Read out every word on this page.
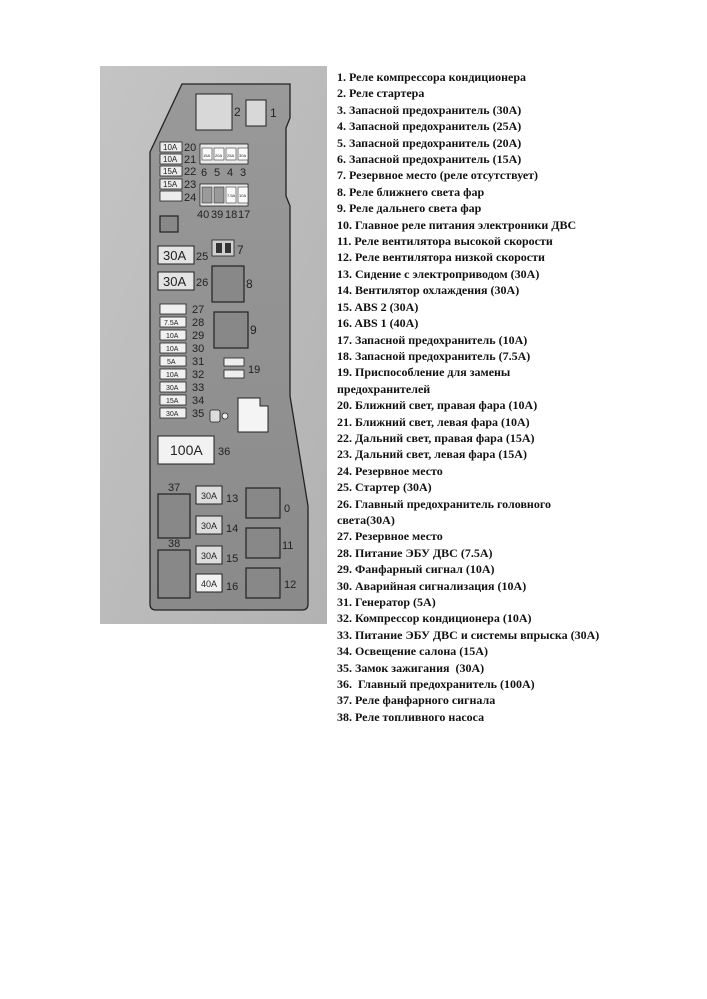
2 1
10A 20
10A 21
15A 22
15A 23
24
15A 20A 25A 30A
6 5 4 3
7.5A 10A
40 39 18 17
7
30A 25
30A 26	8
27
7.5A 28
10A 29
10A 30
5A 31
10A 32
30A 33
15A 34
30A 35
9
19
100A 36
37
38
30A 13
30A 14
30A 15
40A 16
0
11
12
1. Реле компрессора кондиционера
2. Реле стартера
3. Запасной предохранитель (30А)
4. Запасной предохранитель (25А)
5. Запасной предохранитель (20А)
6. Запасной предохранитель (15А)
7. Резервное место (реле отсутствует)
8. Реле ближнего света фар
9. Реле дальнего света фар
10. Главное реле питания электроники ДВС
11. Реле вентилятора высокой скорости
12. Реле вентилятора низкой скорости
13. Сидение с электроприводом (30А)
14. Вентилятор охлаждения (30А)
15. ABS 2 (30А)
16. ABS 1 (40А)
17. Запасной предохранитель (10А)
18. Запасной предохранитель (7.5А)
19. Приспособление для замены
предохранителей
20. Ближний свет, правая фара (10А)
21. Ближний свет, левая фара (10А)
22. Дальний свет, правая фара (15А)
23. Дальний свет, левая фара (15А)
24. Резервное место
25. Стартер (30А)
26. Главный предохранитель головного
света(30А)
27. Резервное место
28. Питание ЭБУ ДВС (7.5А)
29. Фанфарный сигнал (10А)
30. Аварийная сигнализация (10А)
31. Генератор (5А)
32. Компрессор кондиционера (10А)
33. Питание ЭБУ ДВС и системы впрыска (30А)
34. Освещение салона (15А)
35. Замок зажигания  (30А)
36.  Главный предохранитель (100А)
37. Реле фанфарного сигнала
38. Реле топливного насоса
